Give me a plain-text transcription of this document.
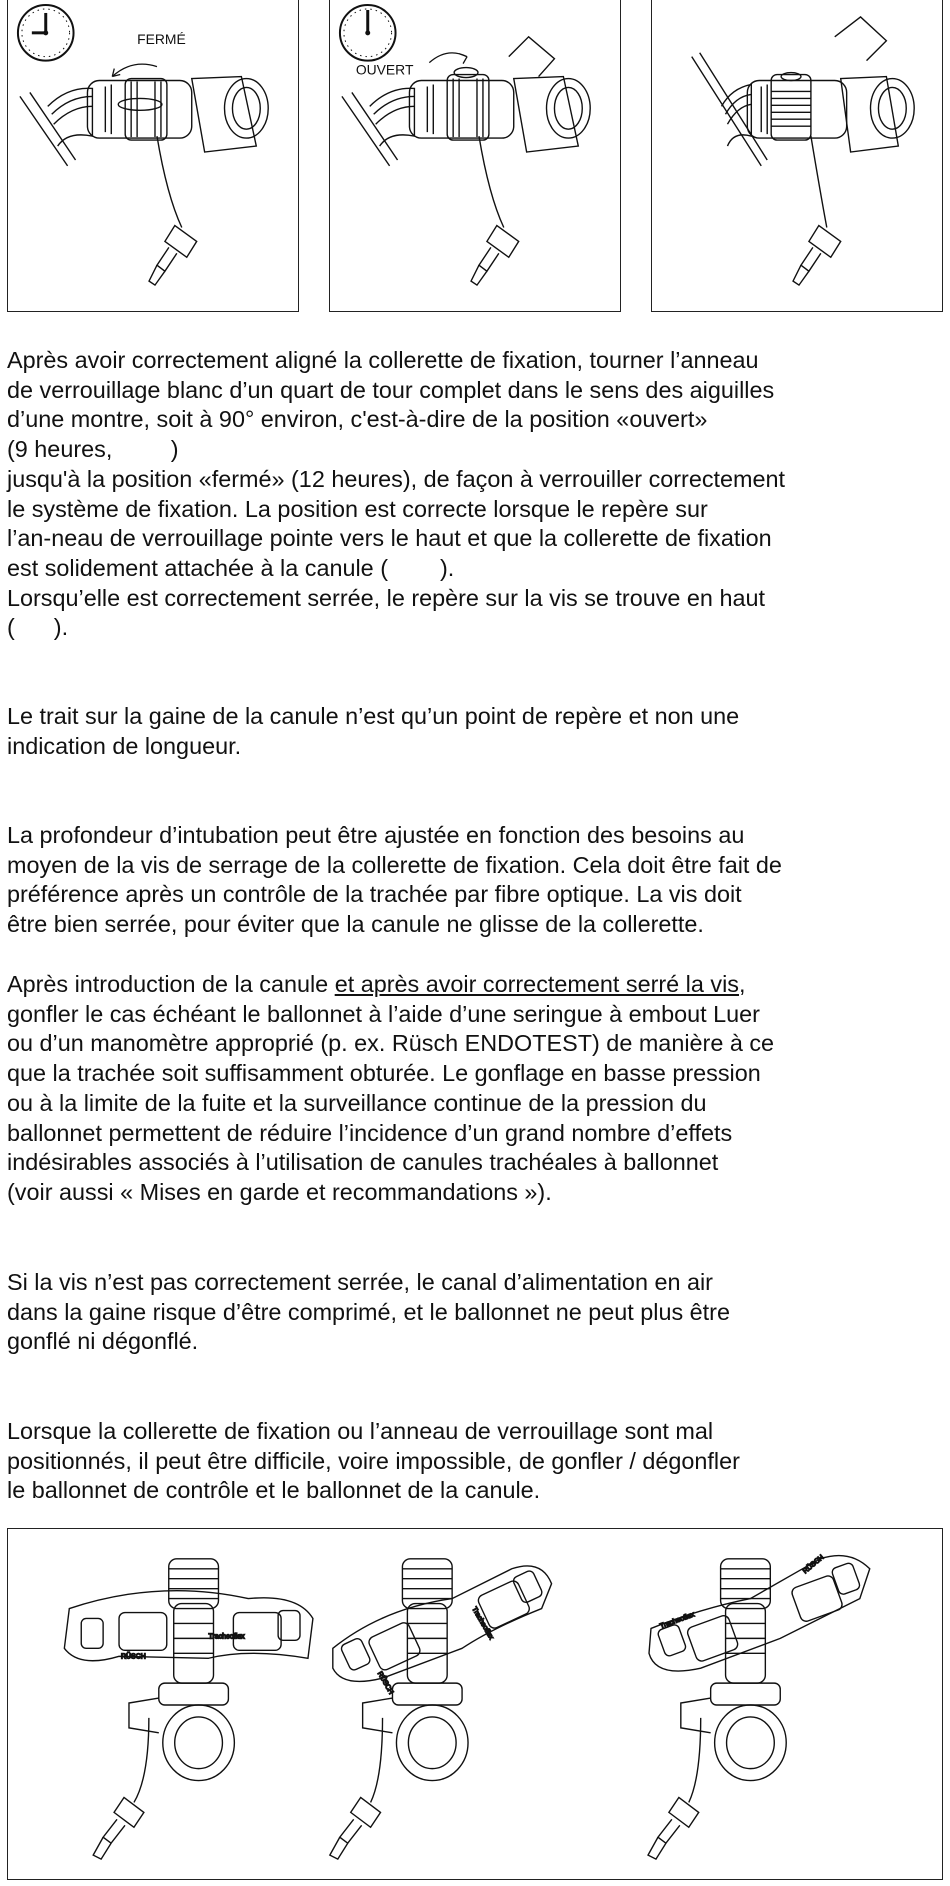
FERMÉ
OUVERT

Après avoir correctement aligné la collerette de fixation, tourner l’anneau
de verrouillage blanc d’un quart de tour complet dans le sens des aiguilles
d’une montre, soit à 90° environ, c'est-à-dire de la position «ouvert»
(9 heures,         )
jusqu'à la position «fermé» (12 heures), de façon à verrouiller correctement
le système de fixation. La position est correcte lorsque le repère sur
l’an-neau de verrouillage pointe vers le haut et que la collerette de fixation
est solidement attachée à la canule (        ).
Lorsqu’elle est correctement serrée, le repère sur la vis se trouve en haut
(      ).

Le trait sur la gaine de la canule n’est qu’un point de repère et non une
indication de longueur.

La profondeur d’intubation peut être ajustée en fonction des besoins au
moyen de la vis de serrage de la collerette de fixation. Cela doit être fait de
préférence après un contrôle de la trachée par fibre optique. La vis doit
être bien serrée, pour éviter que la canule ne glisse de la collerette.

Après introduction de la canule et après avoir correctement serré la vis,
gonfler le cas échéant le ballonnet à l’aide d’une seringue à embout Luer
ou d’un manomètre approprié (p. ex. Rüsch ENDOTEST) de manière à ce
que la trachée soit suffisamment obturée. Le gonflage en basse pression
ou à la limite de la fuite et la surveillance continue de la pression du
ballonnet permettent de réduire l’incidence d’un grand nombre d’effets
indésirables associés à l’utilisation de canules trachéales à ballonnet
(voir aussi « Mises en garde et recommandations »).

Si la vis n’est pas correctement serrée, le canal d’alimentation en air
dans la gaine risque d’être comprimé, et le ballonnet ne peut plus être
gonflé ni dégonflé.

Lorsque la collerette de fixation ou l’anneau de verrouillage sont mal
positionnés, il peut être difficile, voire impossible, de gonfler / dégonfler
le ballonnet de contrôle et le ballonnet de la canule.

Tracheoflex
RÜSCH
Tracheoflex
RÜSCH
Tracheoflex
RÜSCH
